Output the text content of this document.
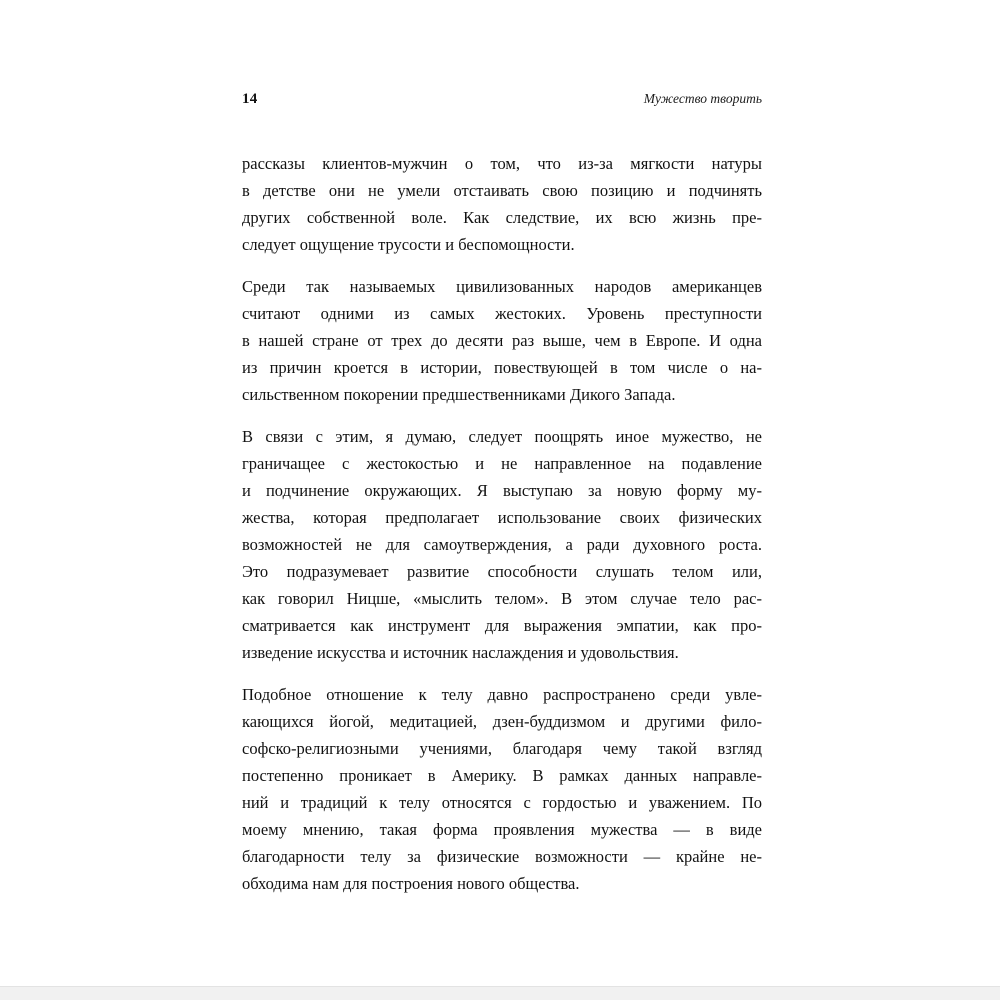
14	Мужество творить

рассказы клиентов-мужчин о том, что из-за мягкости натуры
в детстве они не умели отстаивать свою позицию и подчинять
других собственной воле. Как следствие, их всю жизнь пре-
следует ощущение трусости и беспомощности.

Среди так называемых цивилизованных народов американцев
считают одними из самых жестоких. Уровень преступности
в нашей стране от трех до десяти раз выше, чем в Европе. И одна
из причин кроется в истории, повествующей в том числе о на-
сильственном покорении предшественниками Дикого Запада.

В связи с этим, я думаю, следует поощрять иное мужество, не
граничащее с жестокостью и не направленное на подавление
и подчинение окружающих. Я выступаю за новую форму му-
жества, которая предполагает использование своих физических
возможностей не для самоутверждения, а ради духовного роста.
Это подразумевает развитие способности слушать телом или,
как говорил Ницше, «мыслить телом». В этом случае тело рас-
сматривается как инструмент для выражения эмпатии, как про-
изведение искусства и источник наслаждения и удовольствия.

Подобное отношение к телу давно распространено среди увле-
кающихся йогой, медитацией, дзен-буддизмом и другими фило-
софско-религиозными учениями, благодаря чему такой взгляд
постепенно проникает в Америку. В рамках данных направле-
ний и традиций к телу относятся с гордостью и уважением. По
моему мнению, такая форма проявления мужества — в виде
благодарности телу за физические возможности — крайне не-
обходима нам для построения нового общества.
